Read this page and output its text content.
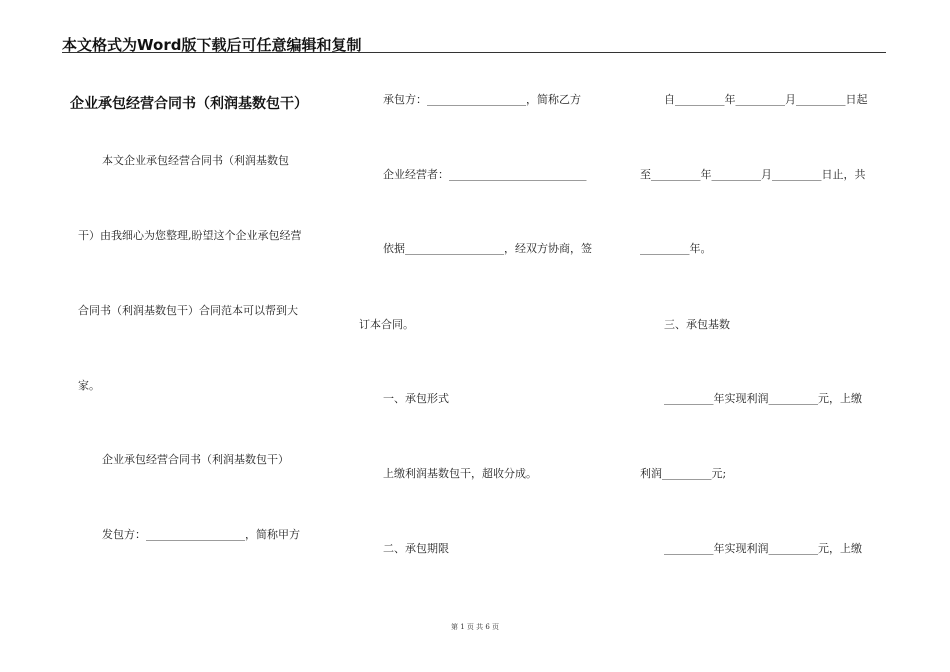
本文格式为Word版下载后可任意编辑和复制
企业承包经营合同书（利润基数包干）
本文企业承包经营合同书（利润基数包
干）由我细心为您整理,盼望这个企业承包经营
合同书（利润基数包干）合同范本可以帮到大
家。
企业承包经营合同书（利润基数包干）
发包方：__________________，简称甲方
承包方：__________________，简称乙方
企业经营者：_________________________
依据__________________，经双方协商，签
订本合同。
一、承包形式
上缴利润基数包干，超收分成。
二、承包期限
自_________年_________月_________日起
至_________年_________月_________日止，共
_________年。
三、承包基数
_________年实现利润_________元，上缴
利润_________元;
_________年实现利润_________元，上缴
第 1 页 共 6 页
